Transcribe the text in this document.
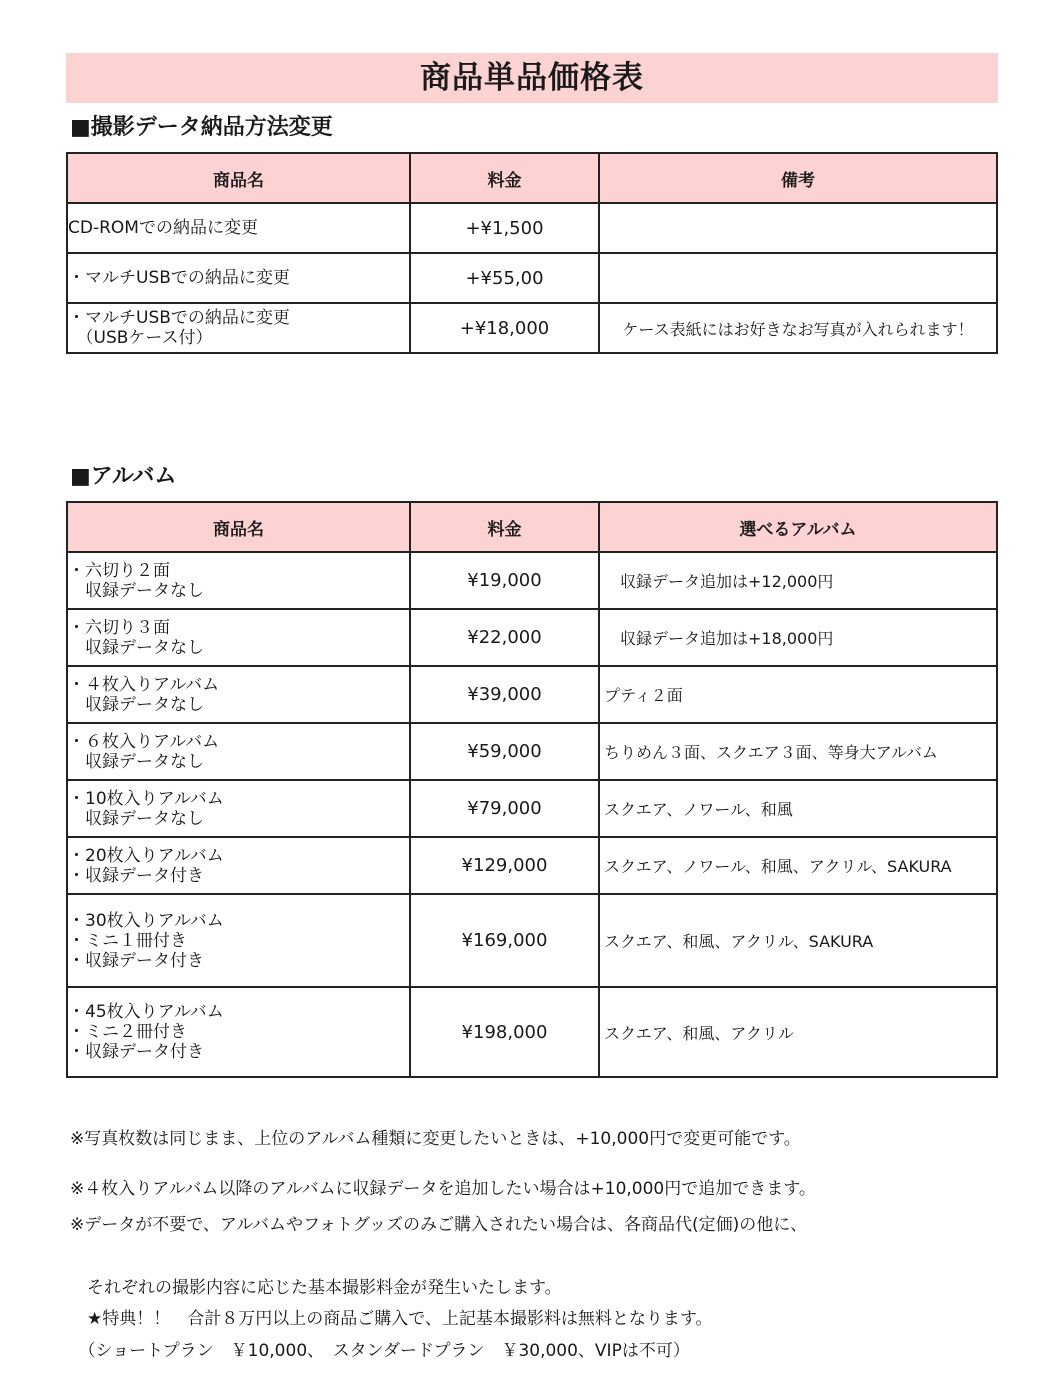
商品単品価格表
■撮影データ納品方法変更
商品名	料金	備考

CD-ROMでの納品に変更	+¥1,500	

・マルチUSBでの納品に変更	+¥55,00	

・マルチUSBでの納品に変更
　（USBケース付）	+¥18,000	ケース表紙にはお好きなお写真が入れられます！
■アルバム
商品名	料金	選べるアルバム

・六切り２面
　収録データなし	¥19,000	収録データ追加は+12,000円

・六切り３面
　収録データなし	¥22,000	収録データ追加は+18,000円

・４枚入りアルバム
　収録データなし	¥39,000	プティ２面

・６枚入りアルバム
　収録データなし	¥59,000	ちりめん３面、スクエア３面、等身大アルバム

・10枚入りアルバム
　収録データなし	¥79,000	スクエア、ノワール、和風

・20枚入りアルバム
・収録データ付き	¥129,000	スクエア、ノワール、和風、アクリル、SAKURA

・30枚入りアルバム
・ミニ１冊付き
・収録データ付き	¥169,000	スクエア、和風、アクリル、SAKURA

・45枚入りアルバム
・ミニ２冊付き
・収録データ付き	¥198,000	スクエア、和風、アクリル

※写真枚数は同じまま、上位のアルバム種類に変更したいときは、+10,000円で変更可能です。

※４枚入りアルバム以降のアルバムに収録データを追加したい場合は+10,000円で追加できます。

※データが不要で、アルバムやフォトグッズのみご購入されたい場合は、各商品代(定価)の他に、

　それぞれの撮影内容に応じた基本撮影料金が発生いたします。

　（ショートプラン　￥10,000、　スタンダードプラン　￥30,000、VIPは不可）

　★特典！！　合計８万円以上の商品ご購入で、上記基本撮影料は無料となります。
